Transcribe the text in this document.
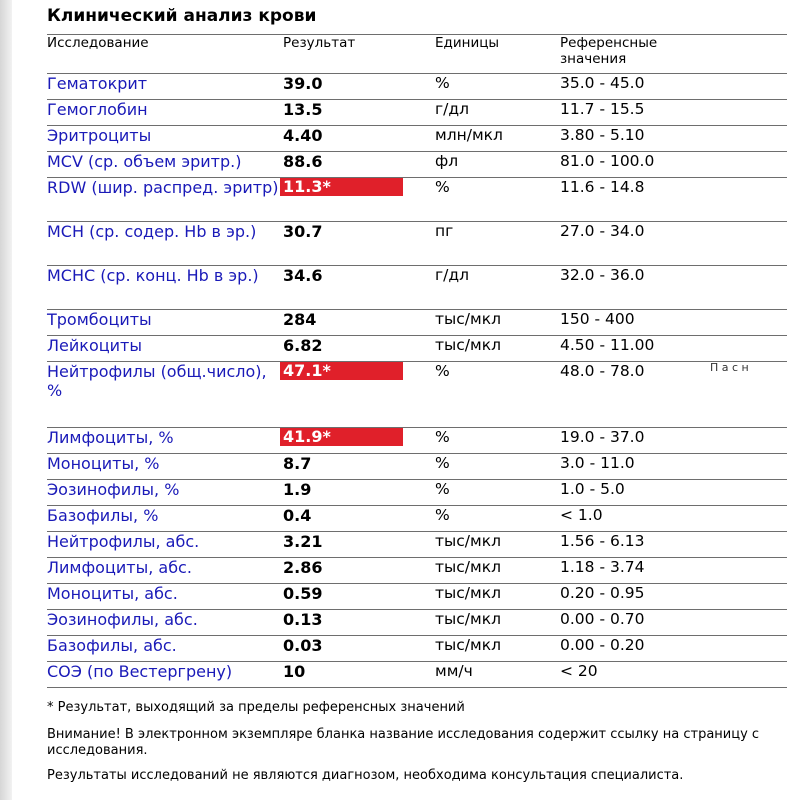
Клинический анализ крови
Исследование	Результат	Единицы	Референсные
значения	
Гематокрит	39.0	%	35.0 - 45.0	
Гемоглобин	13.5	г/дл	11.7 - 15.5	
Эритроциты	4.40	млн/мкл	3.80 - 5.10	
MCV (ср. объем эритр.)	88.6	фл	81.0 - 100.0	
RDW (шир. распред. эритр)	11.3*	%	11.6 - 14.8	
MCH (ср. содер. Hb в эр.)	30.7	пг	27.0 - 34.0	
MCHC (ср. конц. Hb в эр.)	34.6	г/дл	32.0 - 36.0	
Тромбоциты	284	тыс/мкл	150 - 400	
Лейкоциты	6.82	тыс/мкл	4.50 - 11.00	
Нейтрофилы (общ.число), %	47.1*	%	48.0 - 78.0	П а с н
Лимфоциты, %	41.9*	%	19.0 - 37.0	
Моноциты, %	8.7	%	3.0 - 11.0	
Эозинофилы, %	1.9	%	1.0 - 5.0	
Базофилы, %	0.4	%	< 1.0	
Нейтрофилы, абс.	3.21	тыс/мкл	1.56 - 6.13	
Лимфоциты, абс.	2.86	тыс/мкл	1.18 - 3.74	
Моноциты, абс.	0.59	тыс/мкл	0.20 - 0.95	
Эозинофилы, абс.	0.13	тыс/мкл	0.00 - 0.70	
Базофилы, абс.	0.03	тыс/мкл	0.00 - 0.20	
СОЭ (по Вестергрену)	10	мм/ч	< 20	
* Результат, выходящий за пределы референсных значений
Внимание! В электронном экземпляре бланка название исследования содержит ссылку на страницу с
исследования.
Результаты исследований не являются диагнозом, необходима консультация специалиста.
